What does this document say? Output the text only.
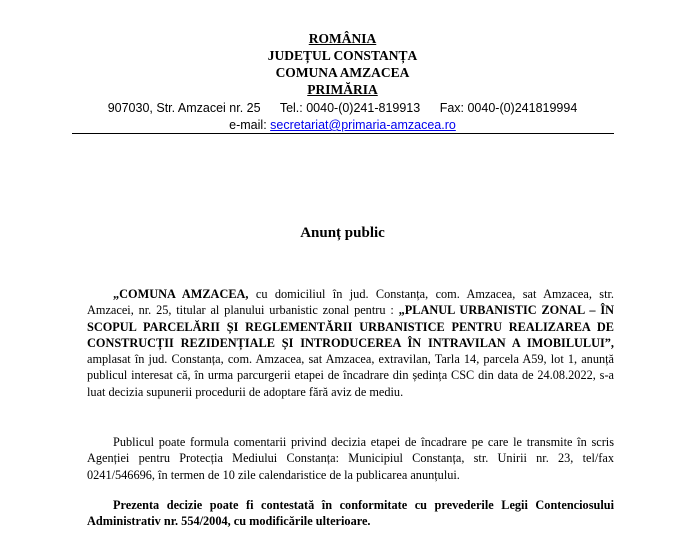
ROMÂNIA
JUDEȚUL CONSTANȚA
COMUNA AMZACEA
PRIMĂRIA
907030, Str. Amzacei nr. 25 Tel.: 0040-(0)241-819913 Fax: 0040-(0)241819994
e-mail: secretariat@primaria-amzacea.ro
Anunț public
„COMUNA AMZACEA, cu domiciliul în jud. Constanța, com. Amzacea, sat Amzacea, str. Amzacei, nr. 25, titular al planului urbanistic zonal pentru : „PLANUL URBANISTIC ZONAL – ÎN SCOPUL PARCELĂRII ȘI REGLEMENTĂRII URBANISTICE PENTRU REALIZAREA DE CONSTRUCȚII REZIDENȚIALE ȘI INTRODUCEREA ÎN INTRAVILAN A IMOBILULUI”, amplasat în jud. Constanța, com. Amzacea, sat Amzacea, extravilan, Tarla 14, parcela A59, lot 1, anunță publicul interesat că, în urma parcurgerii etapei de încadrare din ședința CSC din data de 24.08.2022, s-a luat decizia supunerii procedurii de adoptare fără aviz de mediu.
Publicul poate formula comentarii privind decizia etapei de încadrare pe care le transmite în scris Agenției pentru Protecția Mediului Constanța: Municipiul Constanța, str. Unirii nr. 23, tel/fax 0241/546696, în termen de 10 zile calendaristice de la publicarea anunțului.
Prezenta decizie poate fi contestată în conformitate cu prevederile Legii Contenciosului Administrativ nr. 554/2004, cu modificările ulterioare.
